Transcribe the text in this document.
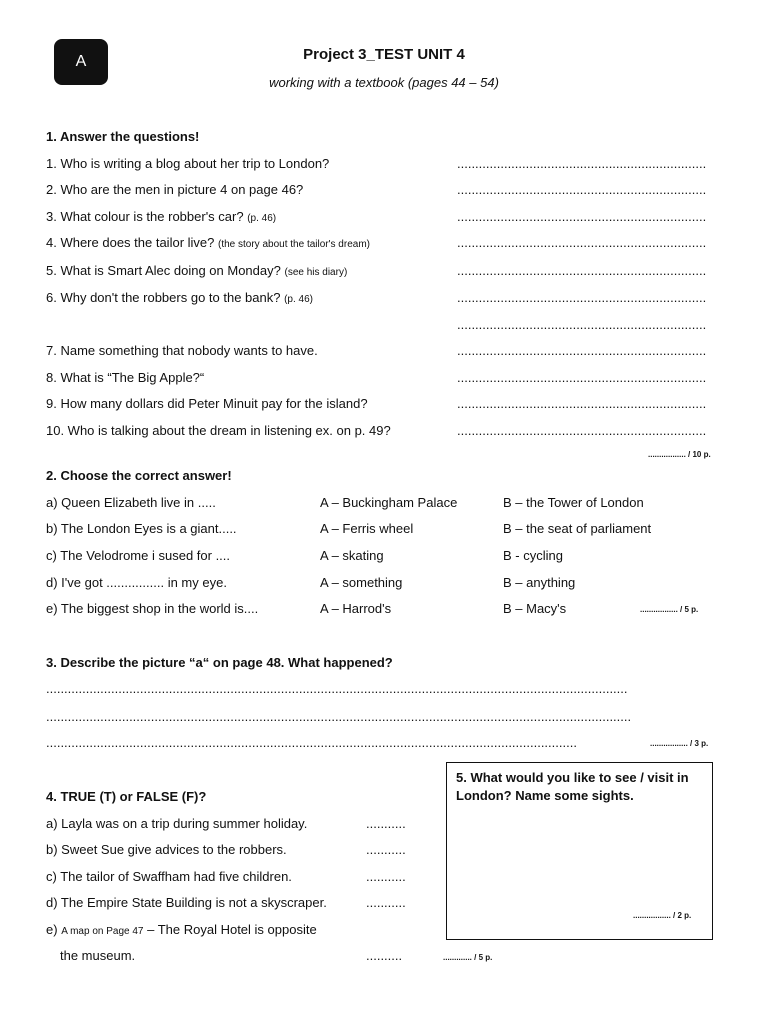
A	Project 3_TEST UNIT 4
working with a textbook (pages 44 – 54)
1. Answer the questions!
1. Who is writing a blog about her trip to London?	.....................................................................
2. Who are the men in picture 4 on page 46?	.....................................................................
3. What colour is the robber's car? (p. 46)	.....................................................................
4. Where does the tailor live? (the story about the tailor's dream)	.....................................................................
5. What is Smart Alec doing on Monday? (see his diary)	.....................................................................
6. Why don't the robbers go to the bank? (p. 46)	.....................................................................
.....................................................................
7. Name something that nobody wants to have.	.....................................................................
8. What is “The Big Apple?“	.....................................................................
9. How many dollars did Peter Minuit pay for the island?	.....................................................................
10. Who is talking about the dream in listening ex. on p. 49?	.....................................................................
................. / 10 p.
2. Choose the correct answer!
a) Queen Elizabeth live in .....	A – Buckingham Palace	B – the Tower of London
b) The London Eyes is a giant.....	A – Ferris wheel	B – the seat of parliament
c) The Velodrome i sused for ....	A – skating	B - cycling
d) I've got ................ in my eye.	A – something	B – anything
e) The biggest shop in the world is....	A – Harrod's	B – Macy's	................. / 5 p.
3. Describe the picture “a“ on page 48. What happened?
.................................................................................................................................................................
..................................................................................................................................................................
...................................................................................................................................................	................. / 3 p.
4. TRUE (T) or FALSE (F)?
a) Layla was on a trip during summer holiday.	...........
b) Sweet Sue give advices to the robbers.	...........
c) The tailor of Swaffham had five children.	...........
d) The Empire State Building is not a skyscraper.	...........
e) A map on Page 47 – The Royal Hotel is opposite
the museum.	..........	............. / 5 p.
5. What would you like to see / visit in London? Name some sights.
................. / 2 p.
